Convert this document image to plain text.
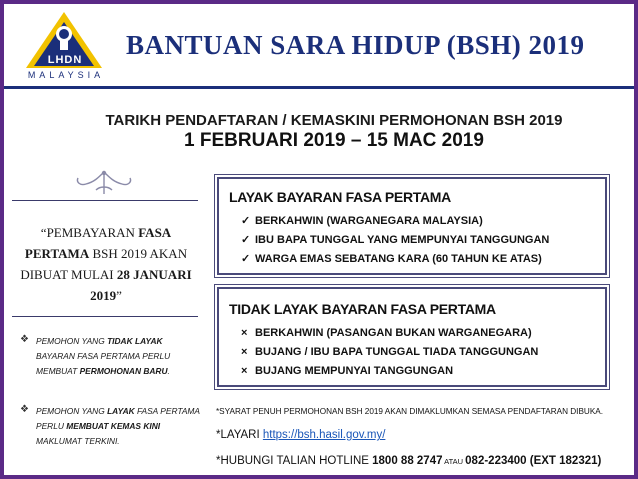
LHDN
MALAYSIA
BANTUAN SARA HIDUP (BSH) 2019
TARIKH PENDAFTARAN / KEMASKINI PERMOHONAN BSH 2019
1 FEBRUARI 2019 – 15 MAC 2019
“PEMBAYARAN FASA PERTAMA BSH 2019 AKAN DIBUAT MULAI 28 JANUARI 2019”
❖ PEMOHON YANG TIDAK LAYAK BAYARAN FASA PERTAMA PERLU MEMBUAT PERMOHONAN BARU.
❖ PEMOHON YANG LAYAK FASA PERTAMA PERLU MEMBUAT KEMAS KINI MAKLUMAT TERKINI.
LAYAK BAYARAN FASA PERTAMA
✓ BERKAHWIN (WARGANEGARA MALAYSIA)
✓ IBU BAPA TUNGGAL YANG MEMPUNYAI TANGGUNGAN
✓ WARGA EMAS SEBATANG KARA (60 TAHUN KE ATAS)
TIDAK LAYAK BAYARAN FASA PERTAMA
× BERKAHWIN (PASANGAN BUKAN WARGANEGARA)
× BUJANG / IBU BAPA TUNGGAL TIADA TANGGUNGAN
× BUJANG MEMPUNYAI TANGGUNGAN
*SYARAT PENUH PERMOHONAN BSH 2019 AKAN DIMAKLUMKAN SEMASA PENDAFTARAN DIBUKA.
*LAYARI https://bsh.hasil.gov.my/
*HUBUNGI TALIAN HOTLINE 1800 88 2747 ATAU 082-223400 (EXT 182321)
